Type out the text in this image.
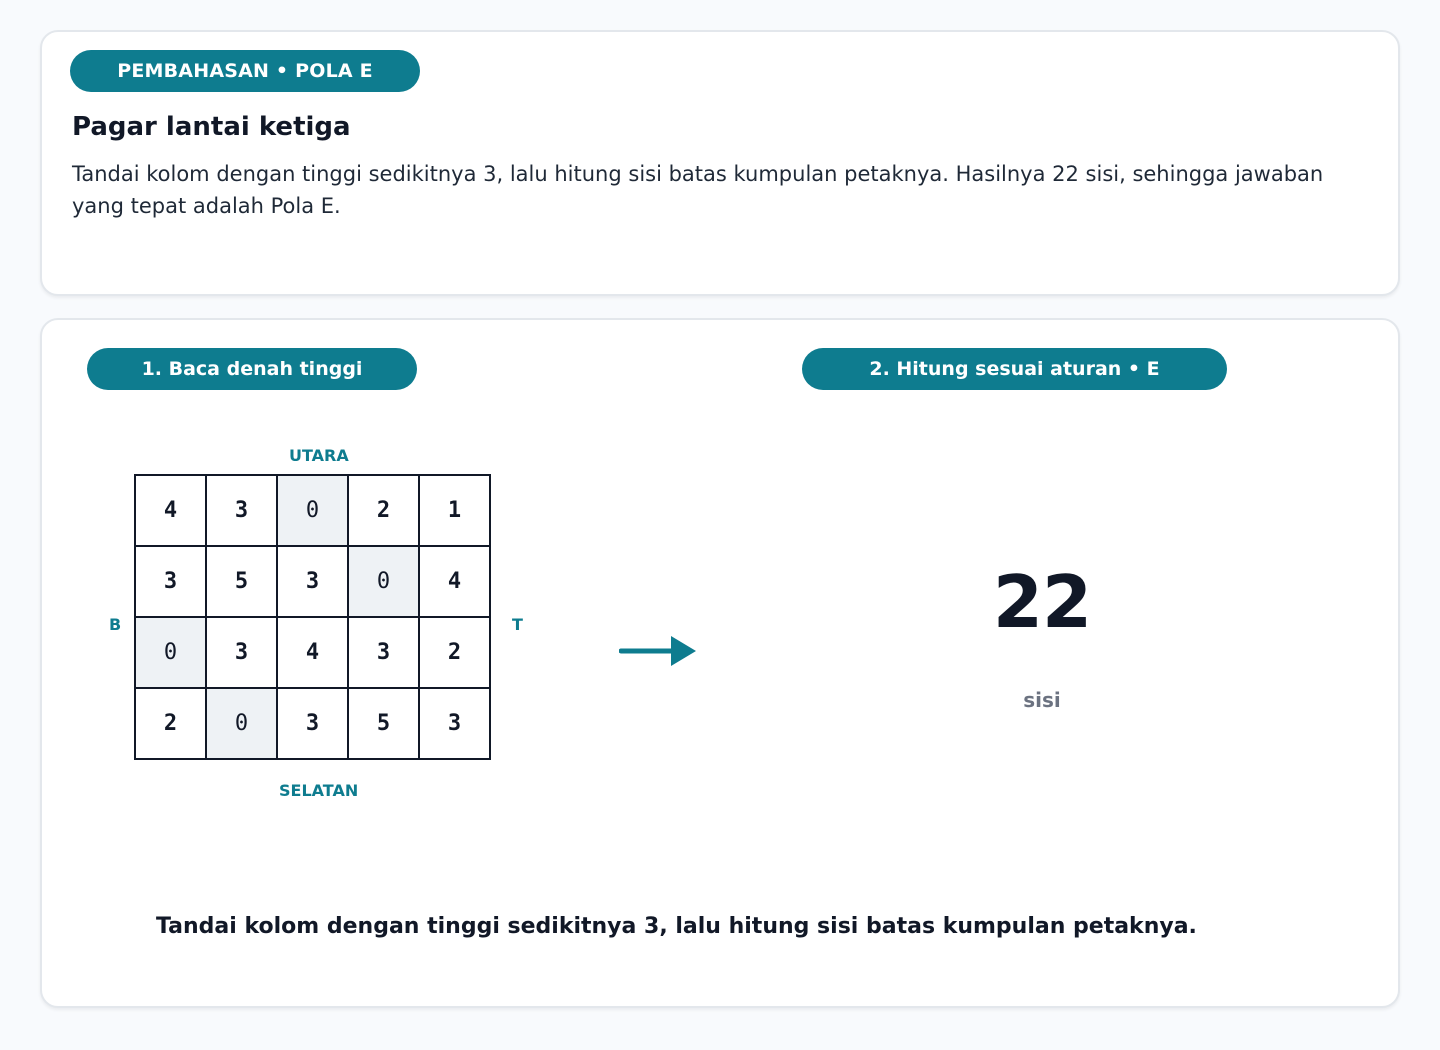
PEMBAHASAN • POLA E
Pagar lantai ketiga
Tandai kolom dengan tinggi sedikitnya 3, lalu hitung sisi batas kumpulan petaknya. Hasilnya 22 sisi, sehingga jawaban yang tepat adalah Pola E.
1. Baca denah tinggi	2. Hitung sesuai aturan • E
UTARA
SELATAN
B	T
4	3	0	2	1
3	5	3	0	4
0	3	4	3	2
2	0	3	5	3
22
sisi
Tandai kolom dengan tinggi sedikitnya 3, lalu hitung sisi batas kumpulan petaknya.
